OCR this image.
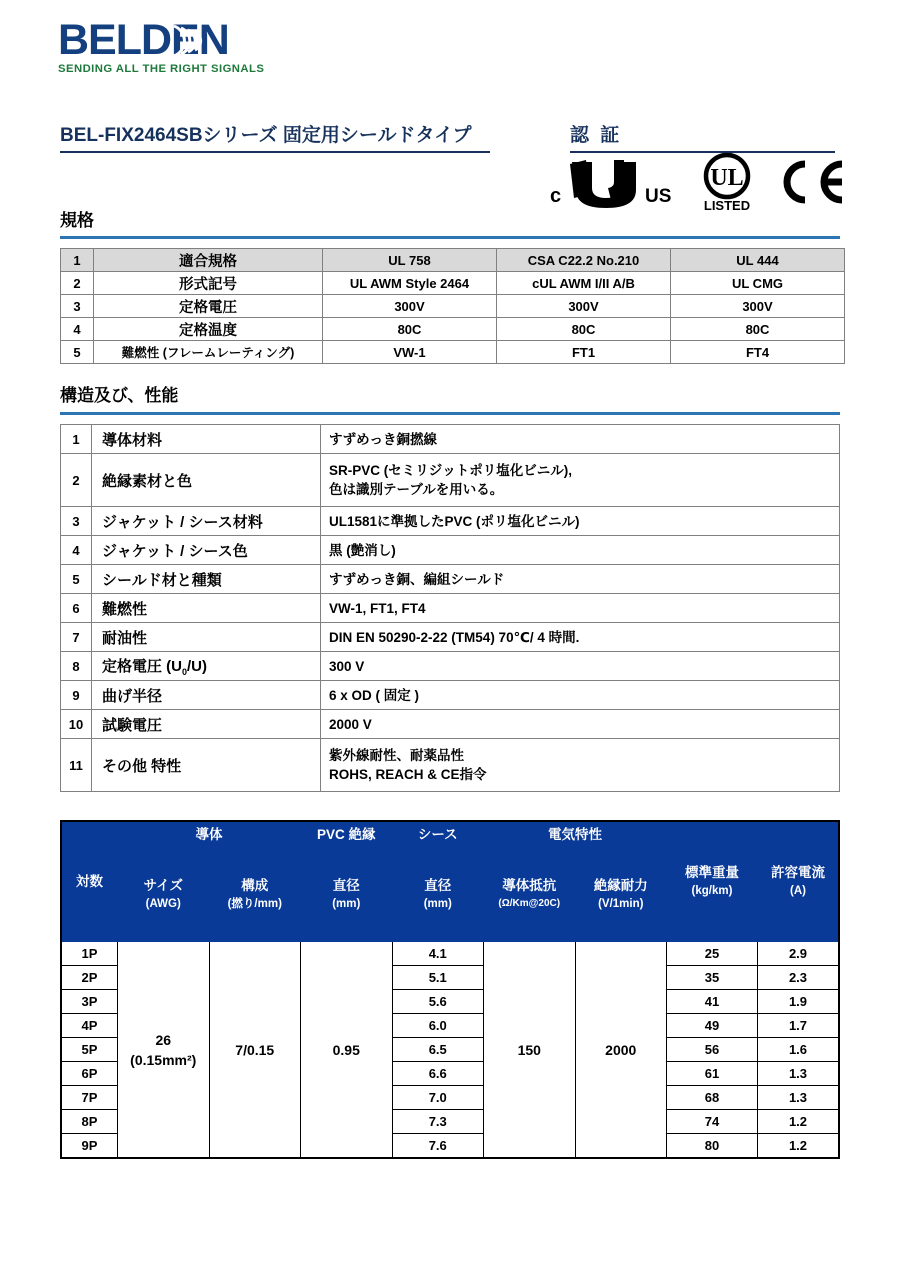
BELDEN
SENDING ALL THE RIGHT SIGNALS
BEL-FIX2464SBシリーズ 固定用シールドタイプ	認 証
c
®
US
UL
LISTED
規格
1	適合規格	UL 758	CSA C22.2 No.210	UL 444
2	形式記号	UL AWM Style 2464	cUL AWM I/II A/B	UL CMG
3	定格電圧	300V	300V	300V
4	定格温度	80C	80C	80C
5	難燃性 (フレームレーティング)	VW-1	FT1	FT4
構造及び、性能
1	導体材料	すずめっき銅撚線

2	絶縁素材と色	SR-PVC (セミリジットポリ塩化ビニル),
色は識別テーブルを用いる。

3	ジャケット / シース材料	UL1581に準拠したPVC (ポリ塩化ビニル)

4	ジャケット / シース色	黒 (艶消し)

5	シールド材と種類	すずめっき銅、編組シールド

6	難燃性	VW-1, FT1, FT4

7	耐油性	DIN EN 50290-2-22 (TM54) 70℃/ 4 時間.

8	定格電圧 $(U_0/U)$	300 V

9	曲げ半径	6 x OD ( 固定 )

10	試験電圧	2000 V

11	その他 特性	紫外線耐性、耐薬品性
ROHS, REACH & CE指令
対数	導体		PVC 絶縁	シース	電気特性		標準重量
(kg/km)	許容電流
(A)

	サイズ
(AWG)	構成
(撚り/mm)	直径
(mm)	直径
(mm)	導体抵抗
(Ω/Km@20C)	絶縁耐力
(V/1min)		

1P	26
(0.15mm²)	7/0.15	0.95	4.1	150	2000	25	2.9
2P				5.1			35	2.3
3P				5.6			41	1.9
4P				6.0			49	1.7
5P				6.5			56	1.6
6P				6.6			61	1.3
7P				7.0			68	1.3
8P				7.3			74	1.2
9P				7.6			80	1.2
